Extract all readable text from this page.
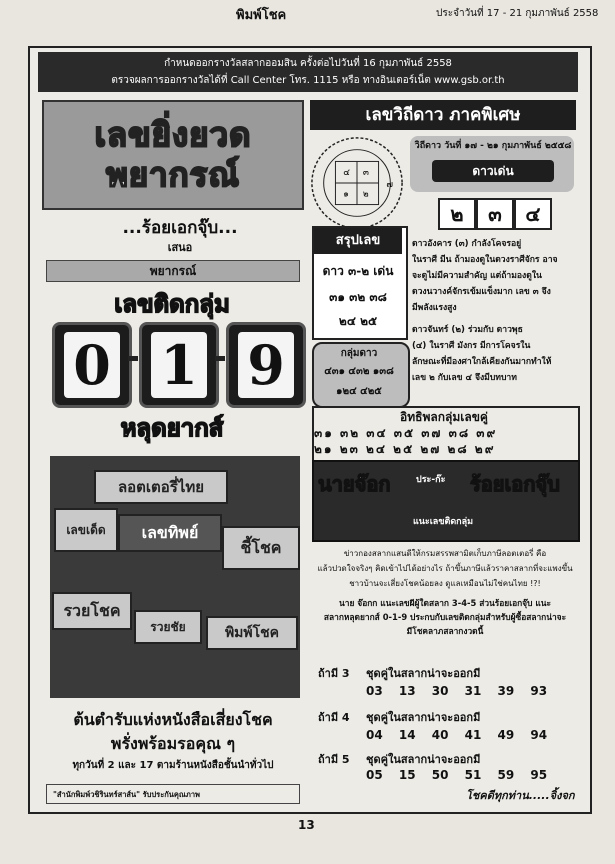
พิมพ์โชค	ประจำวันที่ 17 - 21 กุมภาพันธ์ 2558
กำหนดออกรางวัลสลากออมสิน ครั้งต่อไปวันที่ 16 กุมภาพันธ์ 2558
ตรวจผลการออกรางวัลได้ที่ Call Center โทร. 1115 หรือ ทางอินเตอร์เน็ต www.gsb.or.th
เลขยิ่งยวด
พยากรณ์
...ร้อยเอกจุ๊บ...
เสนอ
พยากรณ์
เลขติดกลุ่ม
0 1 9
หลุดยากส์
ลอตเตอรี่ไทย
เลขเด็ด	เลขทิพย์
ชี้โชค
รวยโชค
รวยชัย	พิมพ์โชค
ต้นตำรับแห่งหนังสือเสี่ยงโชค
พรั่งพร้อมรอคุณ ๆ
ทุกวันที่ 2 และ 17 ตามร้านหนังสือชั้นนำทั่วไป
"สำนักพิมพ์วชิรินทร์สาส์น" รับประกันคุณภาพ
เลขวิถีดาว ภาคพิเศษ
๔ ๓
๑ ๒
๗
วิถีดาว วันที่ ๑๗ - ๒๑ กุมภาพันธ์ ๒๕๕๘
ดาวเด่น
๒	๓	๔
สรุปเลข
ดาว ๓-๒ เด่น
๓๑ ๓๒ ๓๘
๒๔ ๒๕
กลุ่มดาว
๔๓๑ ๔๓๒ ๑๓๘
๑๒๔ ๔๒๕
ดาวอังคาร (๓) กำลังโคจรอยู่
ในราศี มีน ถ้ามองดูในดวงราศีจักร อาจ
จะดูไม่มีความสำคัญ แต่ถ้ามองดูใน
ดวงนวางค์จักรเข้มแข็งมาก เลข ๓ จึง
มีพลังแรงสูง
ดาวจันทร์ (๒) ร่วมกับ ดาวพุธ
(๔) ในราศี มังกร มีการโคจรใน
ลักษณะที่มีองศาใกล้เคียงกันมากทำให้
เลข ๒ กับเลข ๔ จึงมีบทบาท
อิทธิพลกลุ่มเลขคู่
๓๑ ๓๒ ๓๔ ๓๕ ๓๗ ๓๘ ๓๙
๒๑ ๒๓ ๒๔ ๒๕ ๒๗ ๒๘ ๒๙
นายจ๊อก	ประ-ก๊ะ ร้อยเอกจุ๊บ
แนะเลขติดกลุ่ม
ข่าวกองสลากแสนดีให้กรมสรรพสามิตเก็บภาษีลอตเตอรี่ คือ
แล้วปวดใจจริงๆ คิดเข้าไปได้อย่างไร ถ้าขึ้นภาษีแล้วราคาสลากที่จะแพงขึ้น
ชาวบ้านจะเสี่ยงโชคน้อยลง ดูแลเหมือนไม่ใช่คนไทย !?!
นาย จ๊อกก แนะเลขผีผู้ใดสลาก 3-4-5 ส่วนร้อยเอกจุ๊บ แนะ
สลากหลุดยากส์ 0-1-9 ประกบกับเลขติดกลุ่มสำหรับผู้ซื้อสลากน่าจะ
มีโชคลาภสลากงวดนี้
ถ้ามี 3 ชุดคู่ในสลากน่าจะออกมี
03 13 30 31 39 93
ถ้ามี 4 ชุดคู่ในสลากน่าจะออกมี
04 14 40 41 49 94
ถ้ามี 5 ชุดคู่ในสลากน่าจะออกมี
05 15 50 51 59 95
โชคดีทุกท่าน.....จิ้งจก
13
